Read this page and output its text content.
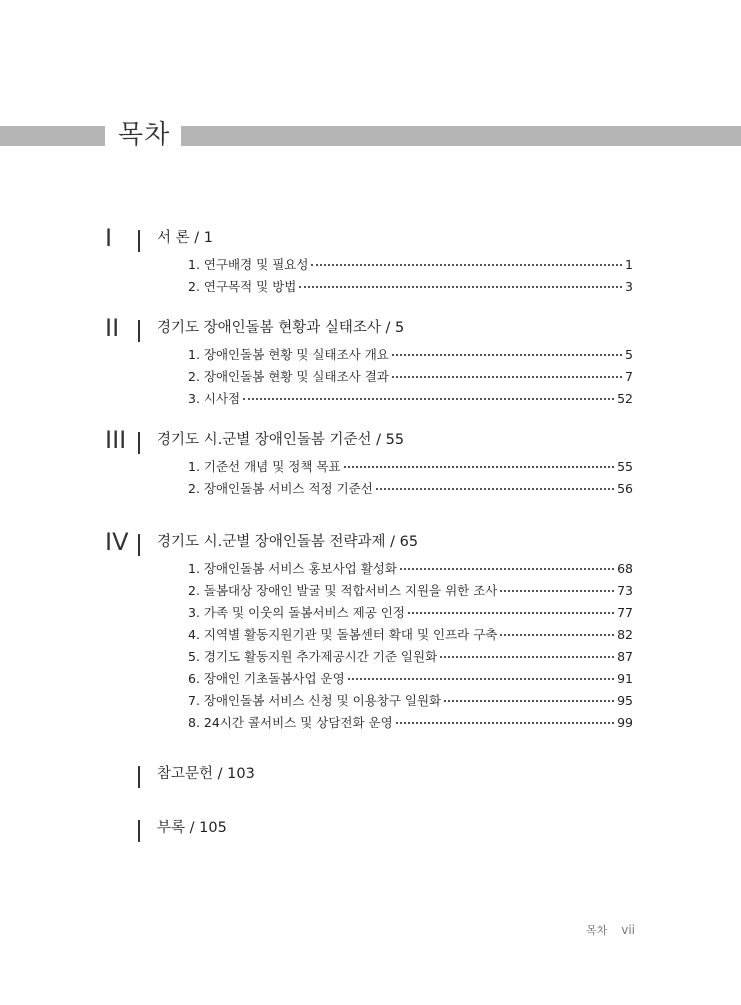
목차
I	서 론 / 1
1. 연구배경 및 필요성	1
2. 연구목적 및 방법	3
II	경기도 장애인돌봄 현황과 실태조사 / 5
1. 장애인돌봄 현황 및 실태조사 개요	5
2. 장애인돌봄 현황 및 실태조사 결과	7
3. 시사점	52
III	경기도 시.군별 장애인돌봄 기준선 / 55
1. 기준선 개념 및 정책 목표	55
2. 장애인돌봄 서비스 적정 기준선	56
IV	경기도 시.군별 장애인돌봄 전략과제 / 65
1. 장애인돌봄 서비스 홍보사업 활성화	68
2. 돌봄대상 장애인 발굴 및 적합서비스 지원을 위한 조사	73
3. 가족 및 이웃의 돌봄서비스 제공 인정	77
4. 지역별 활동지원기관 및 돌봄센터 확대 및 인프라 구축	82
5. 경기도 활동지원 추가제공시간 기준 일원화	87
6. 장애인 기초돌봄사업 운영	91
7. 장애인돌봄 서비스 신청 및 이용창구 일원화	95
8. 24시간 콜서비스 및 상담전화 운영	99
참고문헌 / 103
부록 / 105
목차 vii
